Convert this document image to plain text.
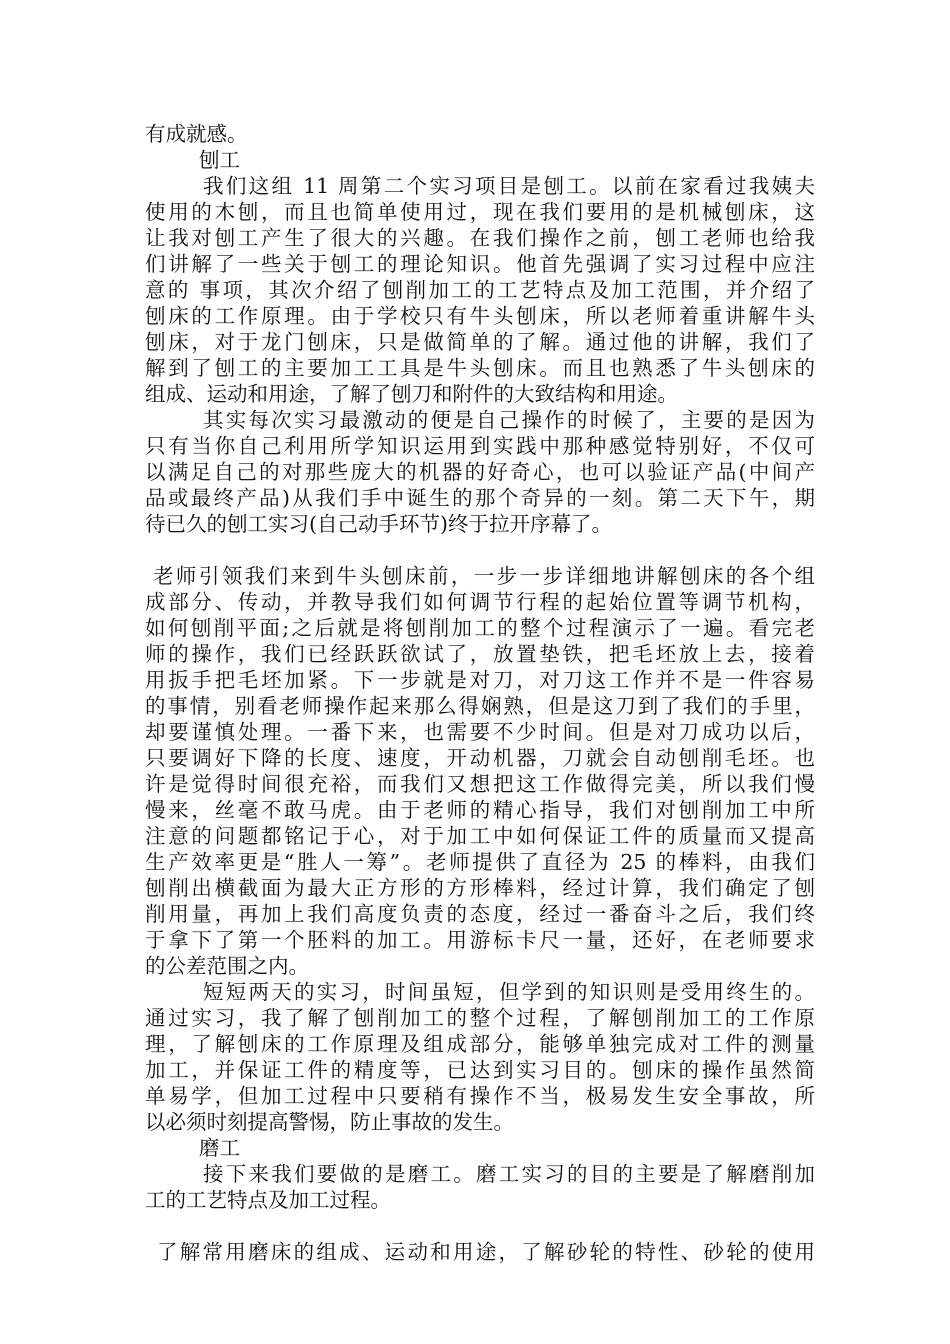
有成就感。
刨工
我们这组 11 周第二个实习项目是刨工。以前在家看过我姨夫
使用的木刨，而且也简单使用过，现在我们要用的是机械刨床，这
让我对刨工产生了很大的兴趣。在我们操作之前，刨工老师也给我
们讲解了一些关于刨工的理论知识。他首先强调了实习过程中应注
意的 事项，其次介绍了刨削加工的工艺特点及加工范围，并介绍了
刨床的工作原理。由于学校只有牛头刨床，所以老师着重讲解牛头
刨床，对于龙门刨床，只是做简单的了解。通过他的讲解，我们了
解到了刨工的主要加工工具是牛头刨床。而且也熟悉了牛头刨床的
组成、运动和用途，了解了刨刀和附件的大致结构和用途。
其实每次实习最激动的便是自己操作的时候了，主要的是因为
只有当你自己利用所学知识运用到实践中那种感觉特别好，不仅可
以满足自己的对那些庞大的机器的好奇心，也可以验证产品(中间产
品或最终产品)从我们手中诞生的那个奇异的一刻。第二天下午，期
待已久的刨工实习(自己动手环节)终于拉开序幕了。
老师引领我们来到牛头刨床前，一步一步详细地讲解刨床的各个组
成部分、传动，并教导我们如何调节行程的起始位置等调节机构，
如何刨削平面;之后就是将刨削加工的整个过程演示了一遍。看完老
师的操作，我们已经跃跃欲试了，放置垫铁，把毛坯放上去，接着
用扳手把毛坯加紧。下一步就是对刀，对刀这工作并不是一件容易
的事情，别看老师操作起来那么得娴熟，但是这刀到了我们的手里，
却要谨慎处理。一番下来，也需要不少时间。但是对刀成功以后，
只要调好下降的长度、速度，开动机器，刀就会自动刨削毛坯。也
许是觉得时间很充裕，而我们又想把这工作做得完美，所以我们慢
慢来，丝毫不敢马虎。由于老师的精心指导，我们对刨削加工中所
注意的问题都铭记于心，对于加工中如何保证工件的质量而又提高
生产效率更是“胜人一筹”。老师提供了直径为 25 的棒料，由我们
刨削出横截面为最大正方形的方形棒料，经过计算，我们确定了刨
削用量，再加上我们高度负责的态度，经过一番奋斗之后，我们终
于拿下了第一个胚料的加工。用游标卡尺一量，还好，在老师要求
的公差范围之内。
短短两天的实习，时间虽短，但学到的知识则是受用终生的。
通过实习，我了解了刨削加工的整个过程，了解刨削加工的工作原
理，了解刨床的工作原理及组成部分，能够单独完成对工件的测量
加工，并保证工件的精度等，已达到实习目的。刨床的操作虽然简
单易学，但加工过程中只要稍有操作不当，极易发生安全事故，所
以必须时刻提高警惕，防止事故的发生。
磨工
接下来我们要做的是磨工。磨工实习的目的主要是了解磨削加
工的工艺特点及加工过程。
了解常用磨床的组成、运动和用途，了解砂轮的特性、砂轮的使用
